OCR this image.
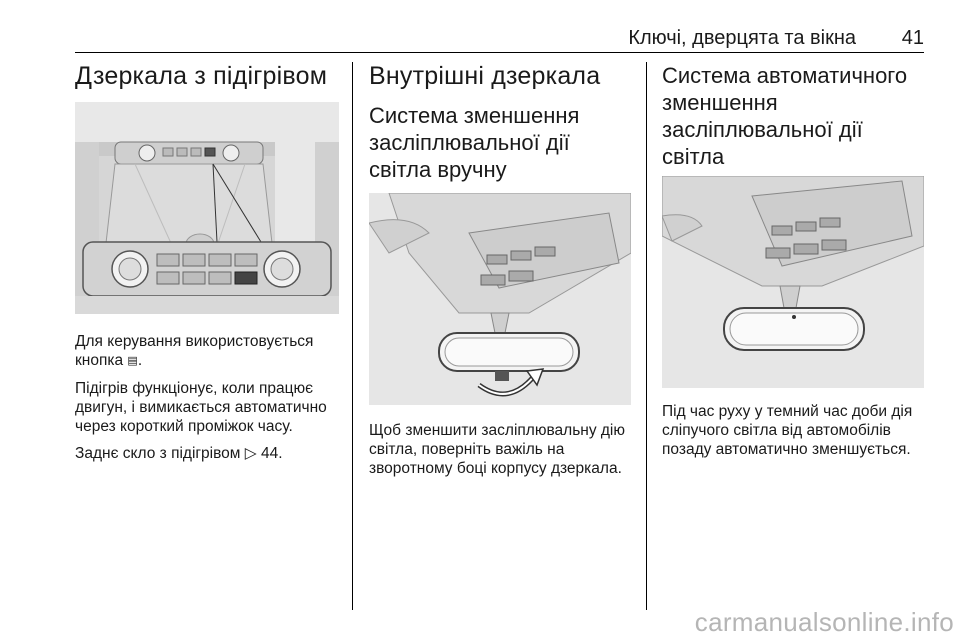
Ключі, дверцята та вікна 41
Дзеркала з підігрівом

Для керування використовується кнопка ▤.

Підігрів функціонує, коли працює двигун, і вимикається автоматично через короткий проміжок часу.

Заднє скло з підігрівом ▷ 44.

Внутрішні дзеркала
Система зменшення засліплювальної дії світла вручну

Щоб зменшити засліплювальну дію світла, поверніть важіль на зворотному боці корпусу дзеркала.

Система автоматичного зменшення засліплювальної дії світла

Під час руху у темний час доби дія сліпучого світла від автомобілів позаду автоматично зменшується.

carmanualsonline.info
